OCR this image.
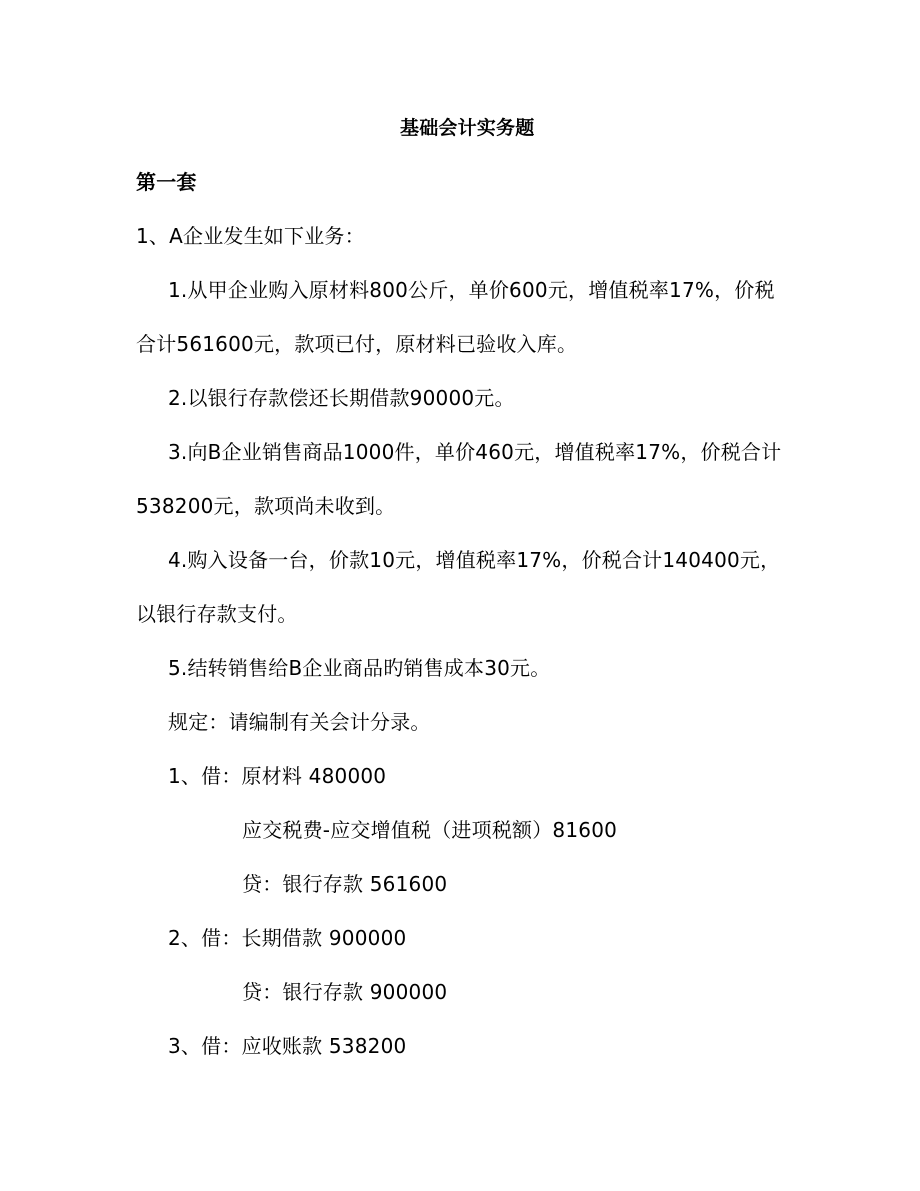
基础会计实务题
第一套
1、A企业发生如下业务：
1.从甲企业购入原材料800公斤，单价600元，增值税率17%，价税
合计561600元，款项已付，原材料已验收入库。
2.以银行存款偿还长期借款90000元。
3.向B企业销售商品1000件，单价460元，增值税率17%，价税合计
538200元，款项尚未收到。
4.购入设备一台，价款10元，增值税率17%，价税合计140400元，
以银行存款支付。
5.结转销售给B企业商品旳销售成本30元。
规定：请编制有关会计分录。
1、借：原材料 480000
应交税费-应交增值税（进项税额）81600
贷：银行存款 561600
2、借：长期借款 900000
贷：银行存款 900000
3、借：应收账款 538200
